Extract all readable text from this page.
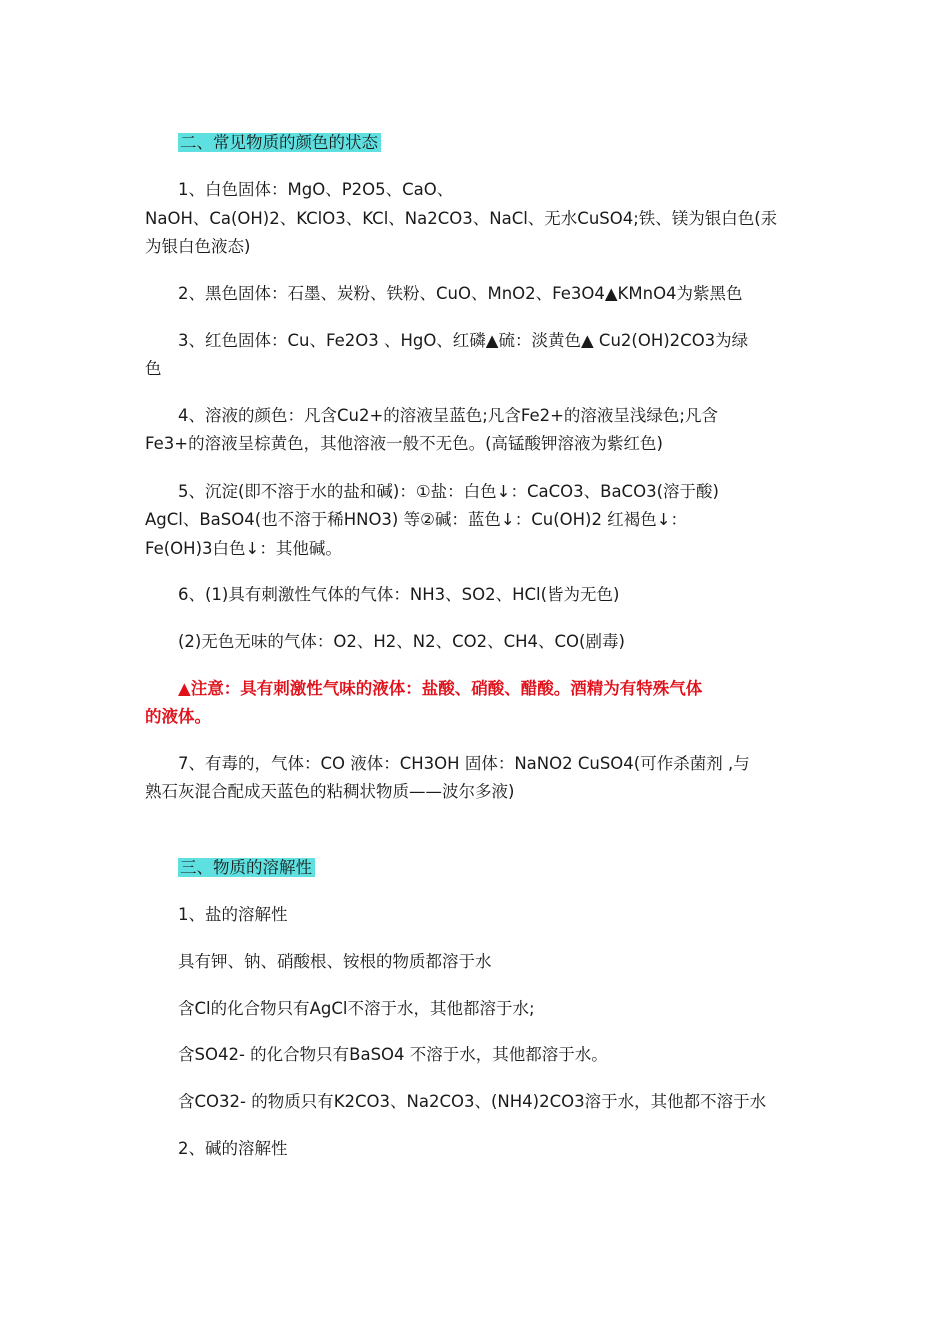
二、常见物质的颜色的状态
1、白色固体：MgO、P2O5、CaO、
NaOH、Ca(OH)2、KClO3、KCl、Na2CO3、NaCl、无水CuSO4;铁、镁为银白色(汞
为银白色液态)
2、黑色固体：石墨、炭粉、铁粉、CuO、MnO2、Fe3O4▲KMnO4为紫黑色
3、红色固体：Cu、Fe2O3 、HgO、红磷▲硫：淡黄色▲ Cu2(OH)2CO3为绿
色
4、溶液的颜色：凡含Cu2+的溶液呈蓝色;凡含Fe2+的溶液呈浅绿色;凡含
Fe3+的溶液呈棕黄色，其他溶液一般不无色。(高锰酸钾溶液为紫红色)
5、沉淀(即不溶于水的盐和碱)：①盐：白色↓：CaCO3、BaCO3(溶于酸)
AgCl、BaSO4(也不溶于稀HNO3) 等②碱：蓝色↓：Cu(OH)2 红褐色↓：
Fe(OH)3白色↓：其他碱。
6、(1)具有刺激性气体的气体：NH3、SO2、HCl(皆为无色)
(2)无色无味的气体：O2、H2、N2、CO2、CH4、CO(剧毒)
▲注意：具有刺激性气味的液体：盐酸、硝酸、醋酸。酒精为有特殊气体
的液体。
7、有毒的，气体：CO 液体：CH3OH 固体：NaNO2 CuSO4(可作杀菌剂 ,与
熟石灰混合配成天蓝色的粘稠状物质——波尔多液)
三、物质的溶解性
1、盐的溶解性
具有钾、钠、硝酸根、铵根的物质都溶于水
含Cl的化合物只有AgCl不溶于水，其他都溶于水;
含SO42- 的化合物只有BaSO4 不溶于水，其他都溶于水。
含CO32- 的物质只有K2CO3、Na2CO3、(NH4)2CO3溶于水，其他都不溶于水
2、碱的溶解性
